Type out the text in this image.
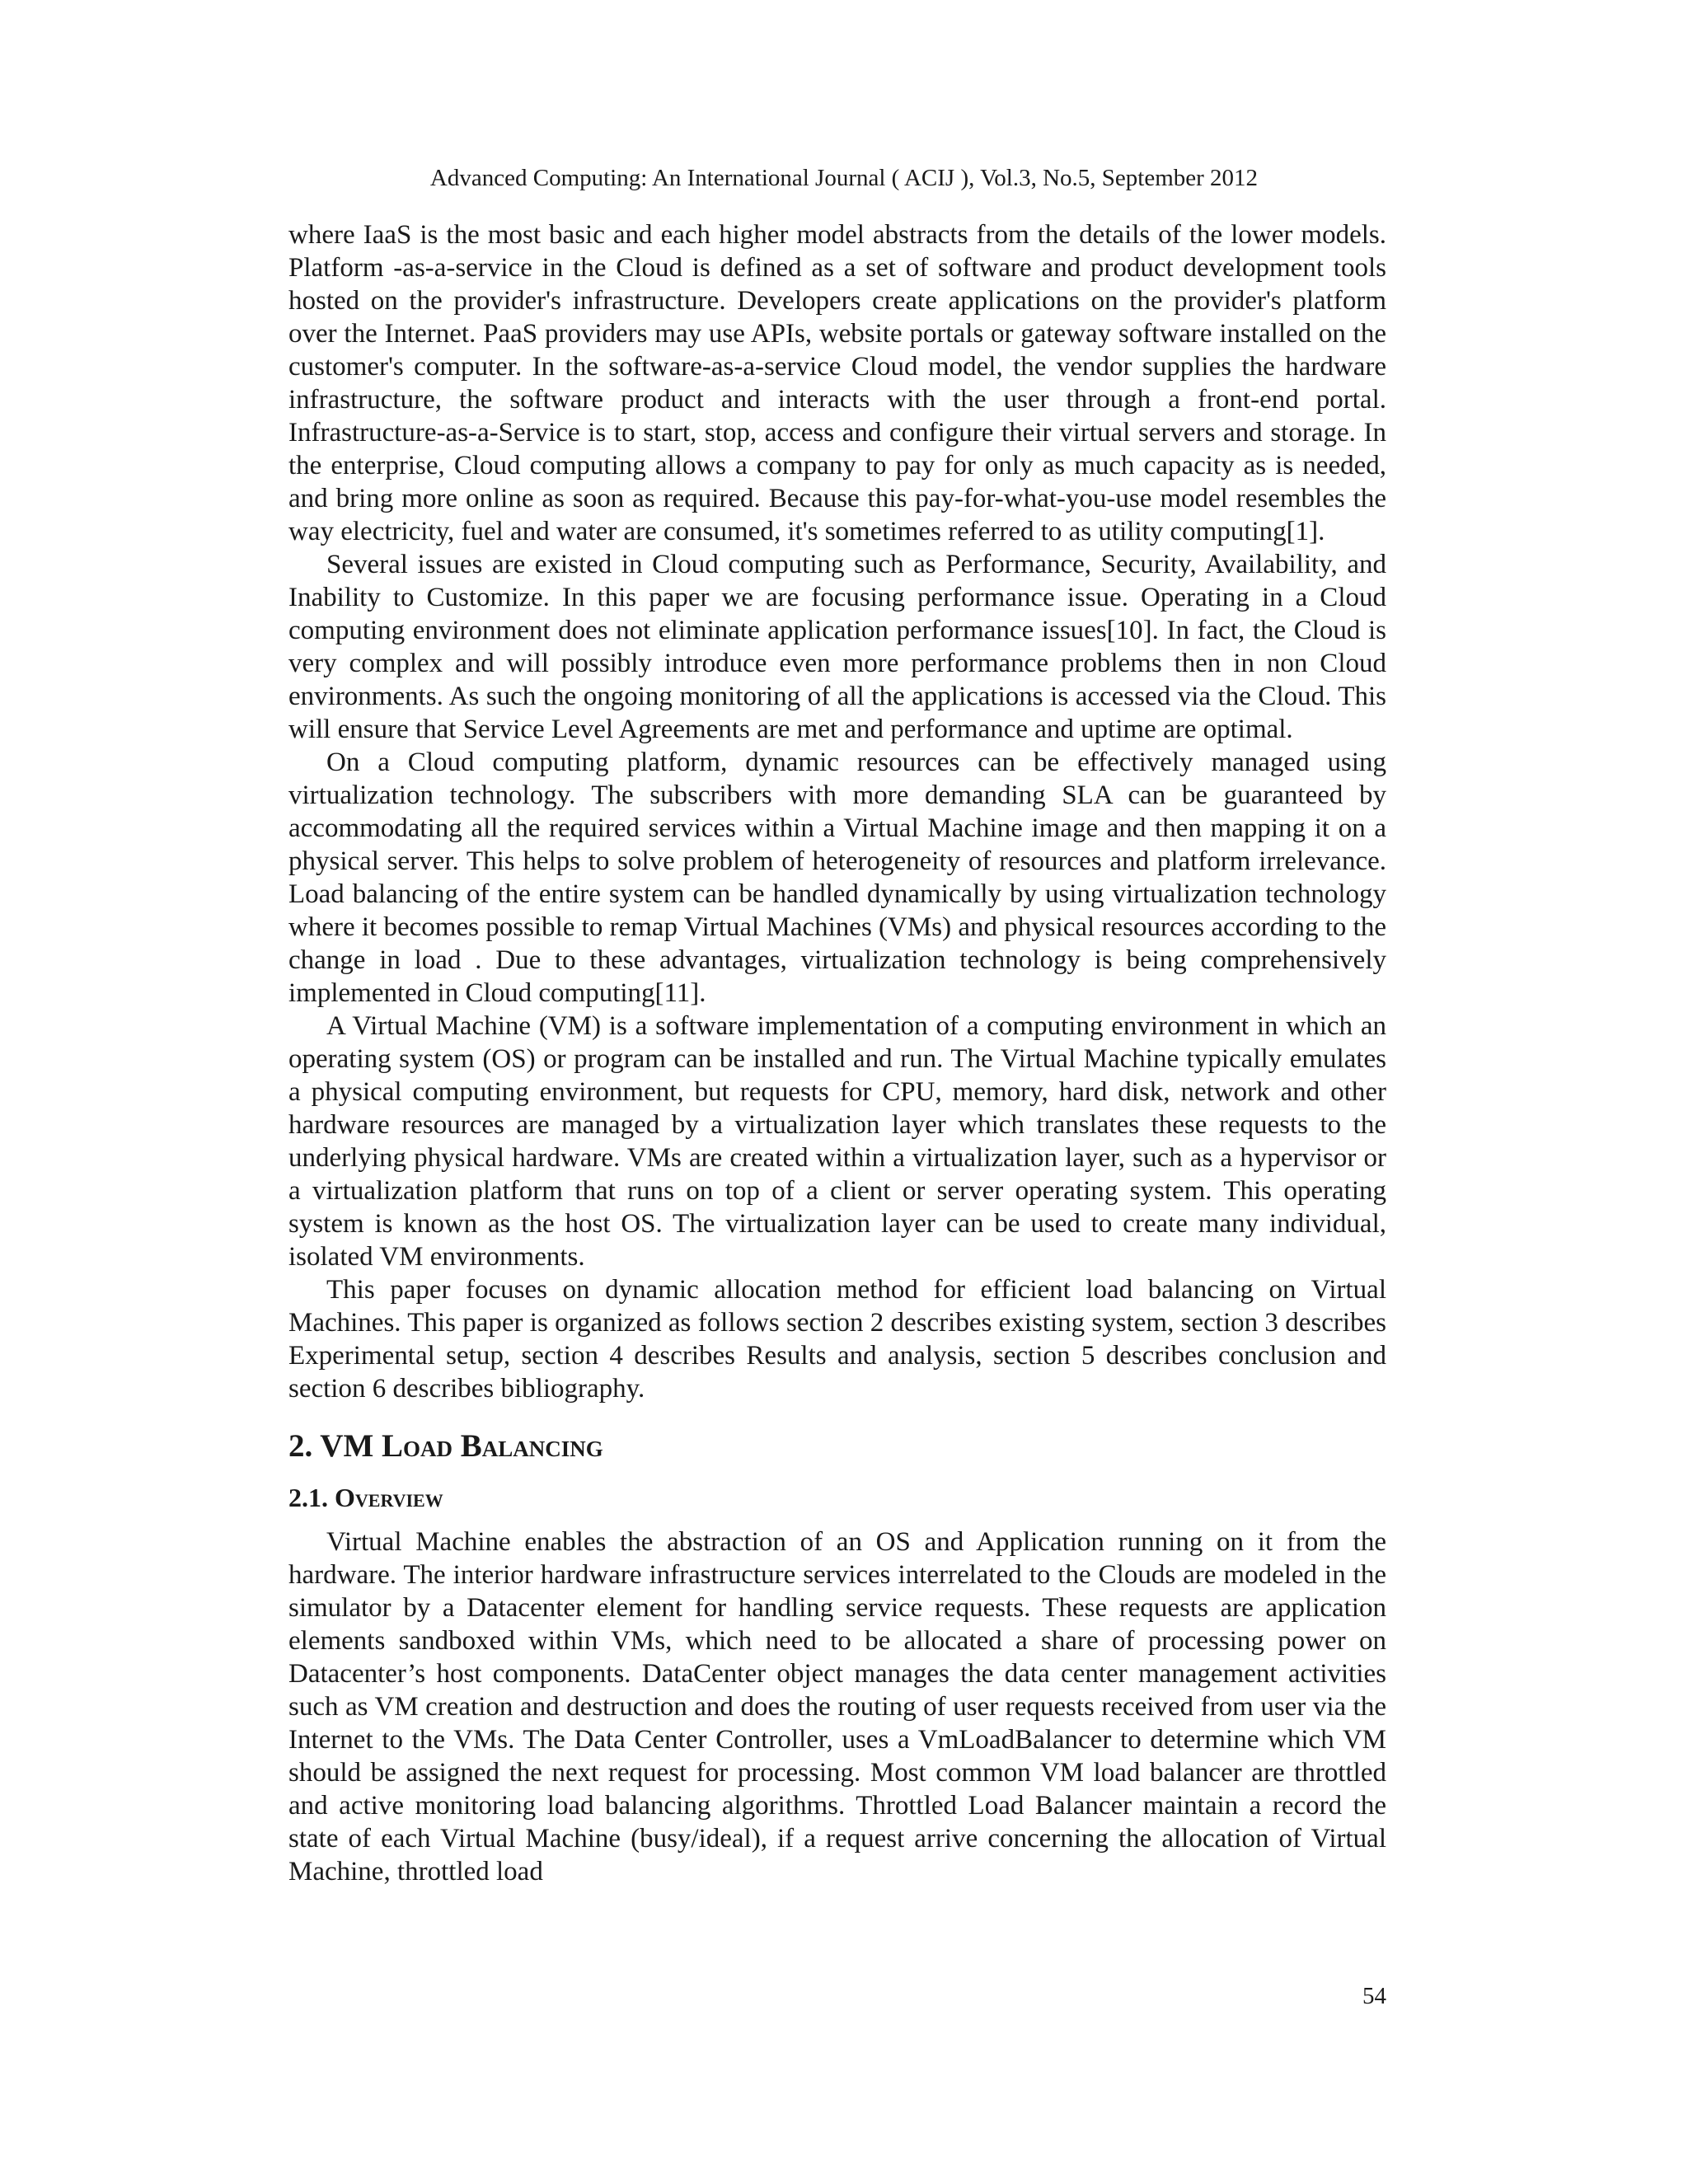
Advanced Computing: An International Journal ( ACIJ ), Vol.3, No.5, September 2012

where IaaS is the most basic and each higher model abstracts from the details of the lower models. Platform -as-a-service in the Cloud is defined as a set of software and product development tools hosted on the provider's infrastructure. Developers create applications on the provider's platform over the Internet. PaaS providers may use APIs, website portals or gateway software installed on the customer's computer. In the software-as-a-service Cloud model, the vendor supplies the hardware infrastructure, the software product and interacts with the user through a front-end portal. Infrastructure-as-a-Service is to start, stop, access and configure their virtual servers and storage. In the enterprise, Cloud computing allows a company to pay for only as much capacity as is needed, and bring more online as soon as required. Because this pay-for-what-you-use model resembles the way electricity, fuel and water are consumed, it's sometimes referred to as utility computing[1].

Several issues are existed in Cloud computing such as Performance, Security, Availability, and Inability to Customize. In this paper we are focusing performance issue. Operating in a Cloud computing environment does not eliminate application performance issues[10]. In fact, the Cloud is very complex and will possibly introduce even more performance problems then in non Cloud environments. As such the ongoing monitoring of all the applications is accessed via the Cloud. This will ensure that Service Level Agreements are met and performance and uptime are optimal.

On a Cloud computing platform, dynamic resources can be effectively managed using virtualization technology. The subscribers with more demanding SLA can be guaranteed by accommodating all the required services within a Virtual Machine image and then mapping it on a physical server. This helps to solve problem of heterogeneity of resources and platform irrelevance. Load balancing of the entire system can be handled dynamically by using virtualization technology where it becomes possible to remap Virtual Machines (VMs) and physical resources according to the change in load . Due to these advantages, virtualization technology is being comprehensively implemented in Cloud computing[11].

A Virtual Machine (VM) is a software implementation of a computing environment in which an operating system (OS) or program can be installed and run. The Virtual Machine typically emulates a physical computing environment, but requests for CPU, memory, hard disk, network and other hardware resources are managed by a virtualization layer which translates these requests to the underlying physical hardware. VMs are created within a virtualization layer, such as a hypervisor or a virtualization platform that runs on top of a client or server operating system. This operating system is known as the host OS. The virtualization layer can be used to create many individual, isolated VM environments.

This paper focuses on dynamic allocation method for efficient load balancing on Virtual Machines. This paper is organized as follows section 2 describes existing system, section 3 describes Experimental setup, section 4 describes Results and analysis, section 5 describes conclusion and section 6 describes bibliography.

2. VM Load Balancing
2.1. Overview

Virtual Machine enables the abstraction of an OS and Application running on it from the hardware. The interior hardware infrastructure services interrelated to the Clouds are modeled in the simulator by a Datacenter element for handling service requests. These requests are application elements sandboxed within VMs, which need to be allocated a share of processing power on Datacenter’s host components. DataCenter object manages the data center management activities such as VM creation and destruction and does the routing of user requests received from user via the Internet to the VMs. The Data Center Controller, uses a VmLoadBalancer to determine which VM should be assigned the next request for processing. Most common VM load balancer are throttled and active monitoring load balancing algorithms. Throttled Load Balancer maintain a record the state of each Virtual Machine (busy/ideal), if a request arrive concerning the allocation of Virtual Machine, throttled load

54
